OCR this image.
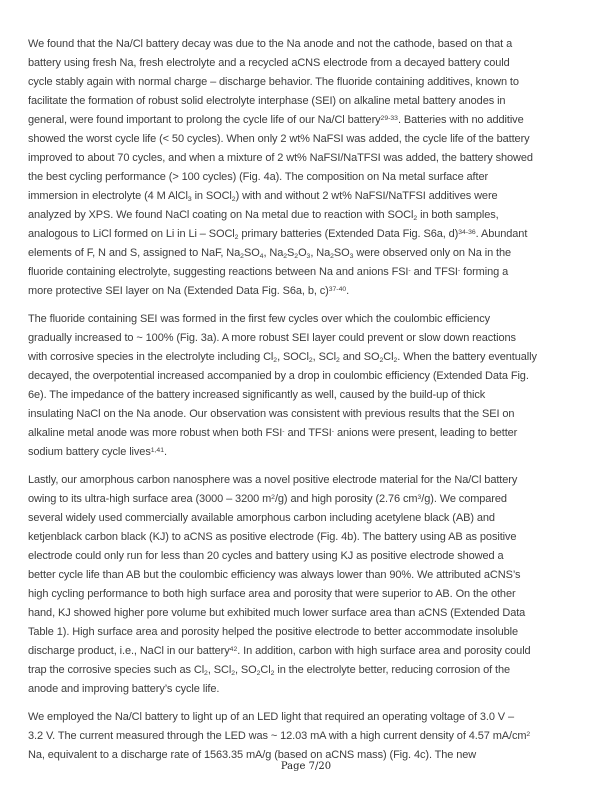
We found that the Na/Cl battery decay was due to the Na anode and not the cathode, based on that a
battery using fresh Na, fresh electrolyte and a recycled aCNS electrode from a decayed battery could
cycle stably again with normal charge – discharge behavior. The fluoride containing additives, known to
facilitate the formation of robust solid electrolyte interphase (SEI) on alkaline metal battery anodes in
general, were found important to prolong the cycle life of our Na/Cl battery$^{29-33}$. Batteries with no additive
showed the worst cycle life (< 50 cycles). When only 2 wt% NaFSI was added, the cycle life of the battery
improved to about 70 cycles, and when a mixture of 2 wt% NaFSI/NaTFSI was added, the battery showed
the best cycling performance (> 100 cycles) (Fig. 4a). The composition on Na metal surface after
immersion in electrolyte (4 M AlCl$_3$ in SOCl$_2$) with and without 2 wt% NaFSI/NaTFSI additives were
analyzed by XPS. We found NaCl coating on Na metal due to reaction with SOCl$_2$ in both samples,
analogous to LiCl formed on Li in Li – SOCl$_2$ primary batteries (Extended Data Fig. S6a, d)$^{34-36}$. Abundant
elements of F, N and S, assigned to NaF, $Na_2SO_4$, $Na_2S_2O_3$, $Na_2SO_3$ were observed only on Na in the
fluoride containing electrolyte, suggesting reactions between Na and anions FSI- and TFSI- forming a
more protective SEI layer on Na (Extended Data Fig. S6a, b, c)$^{37-40}$.
The fluoride containing SEI was formed in the first few cycles over which the coulombic efficiency
gradually increased to ~ 100% (Fig. 3a). A more robust SEI layer could prevent or slow down reactions
with corrosive species in the electrolyte including $Cl_2$, SOCl$_2$, SCl$_2$ and $SO_2Cl_2$. When the battery eventually
decayed, the overpotential increased accompanied by a drop in coulombic efficiency (Extended Data Fig.
6e). The impedance of the battery increased significantly as well, caused by the build-up of thick
insulating NaCl on the Na anode. Our observation was consistent with previous results that the SEI on
alkaline metal anode was more robust when both FSI- and TFSI- anions were present, leading to better
sodium battery cycle lives$^{1,41}$.
Lastly, our amorphous carbon nanosphere was a novel positive electrode material for the Na/Cl battery
owing to its ultra-high surface area (3000 – 3200 $m^2/g$) and high porosity (2.76 $cm^3/g$). We compared
several widely used commercially available amorphous carbon including acetylene black (AB) and
ketjenblack carbon black (KJ) to aCNS as positive electrode (Fig. 4b). The battery using AB as positive
electrode could only run for less than 20 cycles and battery using KJ as positive electrode showed a
better cycle life than AB but the coulombic efficiency was always lower than 90%. We attributed aCNS’s
high cycling performance to both high surface area and porosity that were superior to AB. On the other
hand, KJ showed higher pore volume but exhibited much lower surface area than aCNS (Extended Data
Table 1). High surface area and porosity helped the positive electrode to better accommodate insoluble
discharge product, i.e., NaCl in our battery$^{42}$. In addition, carbon with high surface area and porosity could
trap the corrosive species such as $Cl_2$, SCl$_2$, $SO_2Cl_2$ in the electrolyte better, reducing corrosion of the
anode and improving battery’s cycle life.
We employed the Na/Cl battery to light up of an LED light that required an operating voltage of 3.0 V –
3.2 V. The current measured through the LED was ~ 12.03 mA with a high current density of 4.57 $mA/cm^2$
Na, equivalent to a discharge rate of 1563.35 mA/g (based on aCNS mass) (Fig. 4c). The new
Page 7/20
